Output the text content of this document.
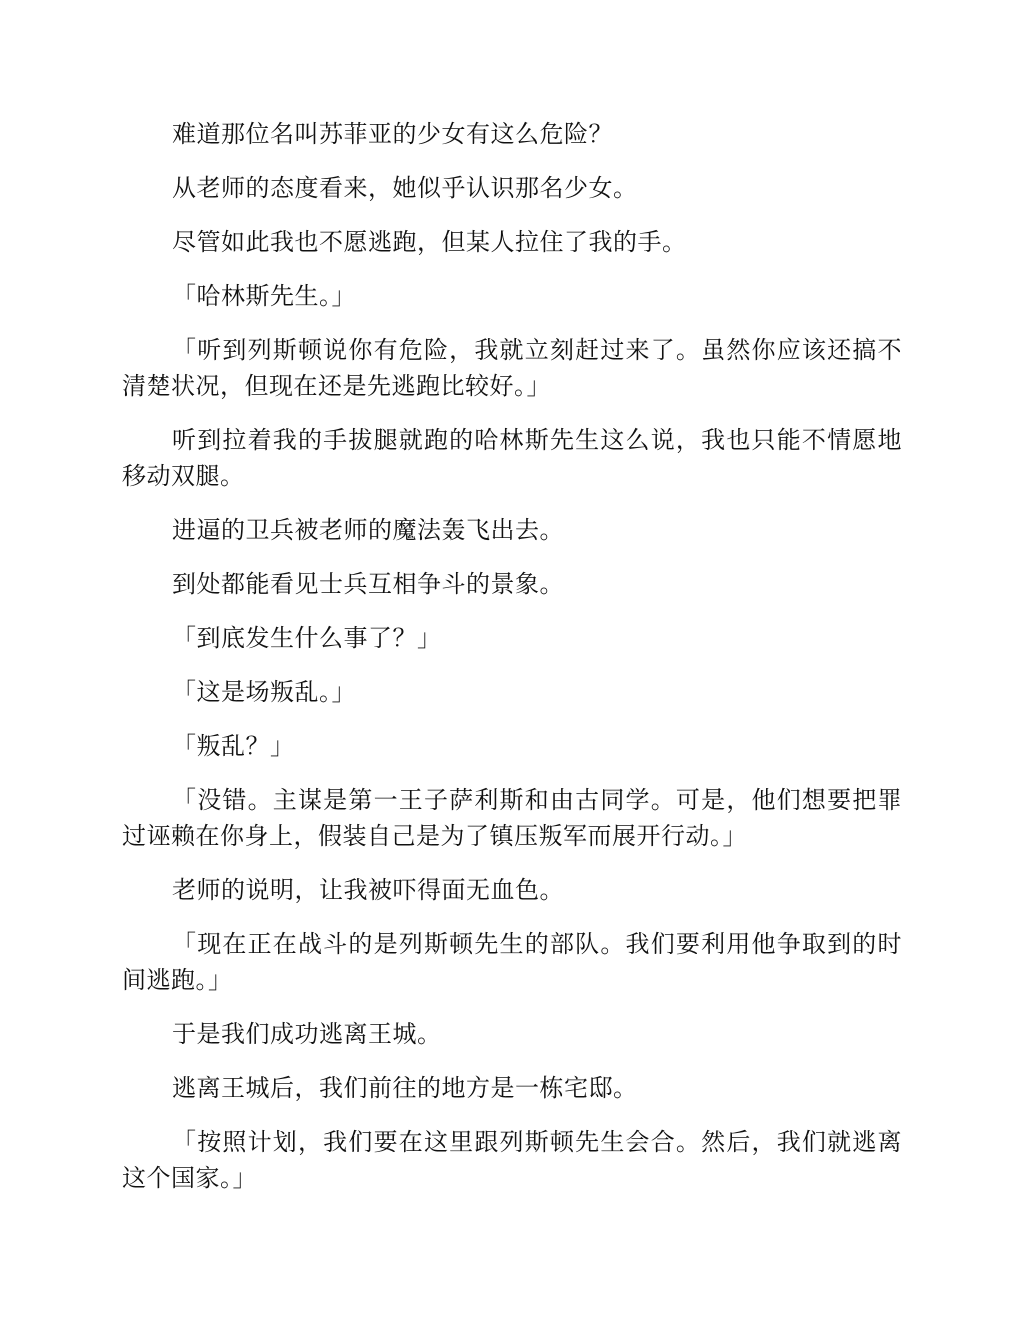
难道那位名叫苏菲亚的少女有这么危险？

从老师的态度看来，她似乎认识那名少女。

尽管如此我也不愿逃跑，但某人拉住了我的手。

「哈林斯先生。」

「听到列斯顿说你有危险，我就立刻赶过来了。虽然你应该还搞不清楚状况，但现在还是先逃跑比较好。」

听到拉着我的手拔腿就跑的哈林斯先生这么说，我也只能不情愿地移动双腿。

进逼的卫兵被老师的魔法轰飞出去。

到处都能看见士兵互相争斗的景象。

「到底发生什么事了？」

「这是场叛乱。」

「叛乱？」

「没错。主谋是第一王子萨利斯和由古同学。可是，他们想要把罪过诬赖在你身上，假装自己是为了镇压叛军而展开行动。」

老师的说明，让我被吓得面无血色。

「现在正在战斗的是列斯顿先生的部队。我们要利用他争取到的时间逃跑。」

于是我们成功逃离王城。

逃离王城后，我们前往的地方是一栋宅邸。

「按照计划，我们要在这里跟列斯顿先生会合。然后，我们就逃离这个国家。」
